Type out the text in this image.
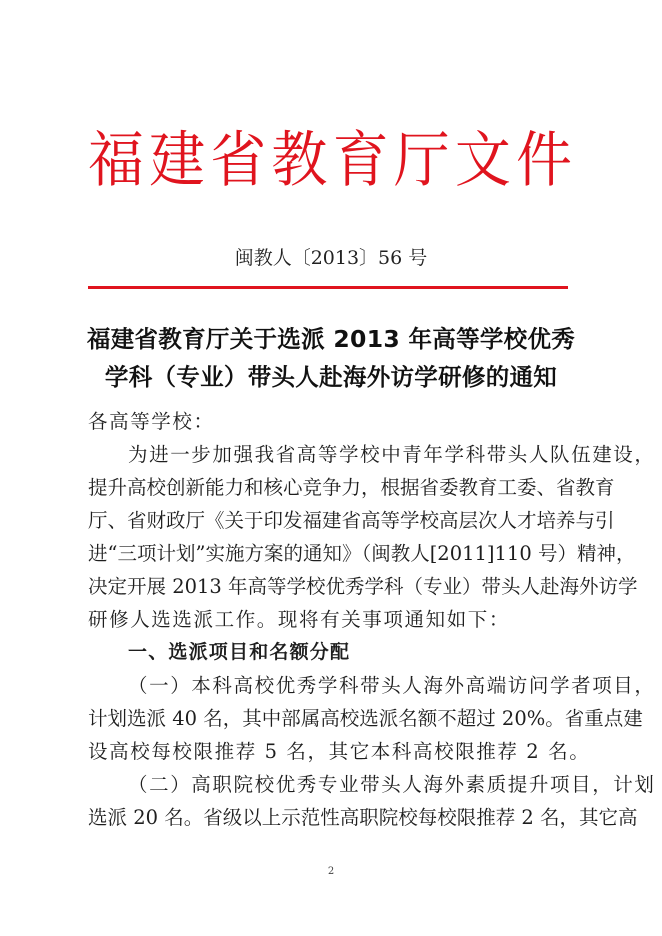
福 建 省 教 育 厅 文 件
闽教人〔2013〕56 号
福建省教育厅关于选派 2013 年高等学校优秀
学科（专业）带头人赴海外访学研修的通知
各高等学校：
为进一步加强我省高等学校中青年学科带头人队伍建设，
提升高校创新能力和核心竞争力，根据省委教育工委、省教育
厅、省财政厅《关于印发福建省高等学校高层次人才培养与引
进“三项计划”实施方案的通知》（闽教人[2011]110 号）精神，
决定开展 2013 年高等学校优秀学科（专业）带头人赴海外访学
研修人选选派工作。现将有关事项通知如下：
一、选派项目和名额分配
（一）本科高校优秀学科带头人海外高端访问学者项目，
计划选派 40 名，其中部属高校选派名额不超过 20%。省重点建
设高校每校限推荐 5 名，其它本科高校限推荐 2 名。
（二）高职院校优秀专业带头人海外素质提升项目，计划
选派 20 名。省级以上示范性高职院校每校限推荐 2 名，其它高
2
